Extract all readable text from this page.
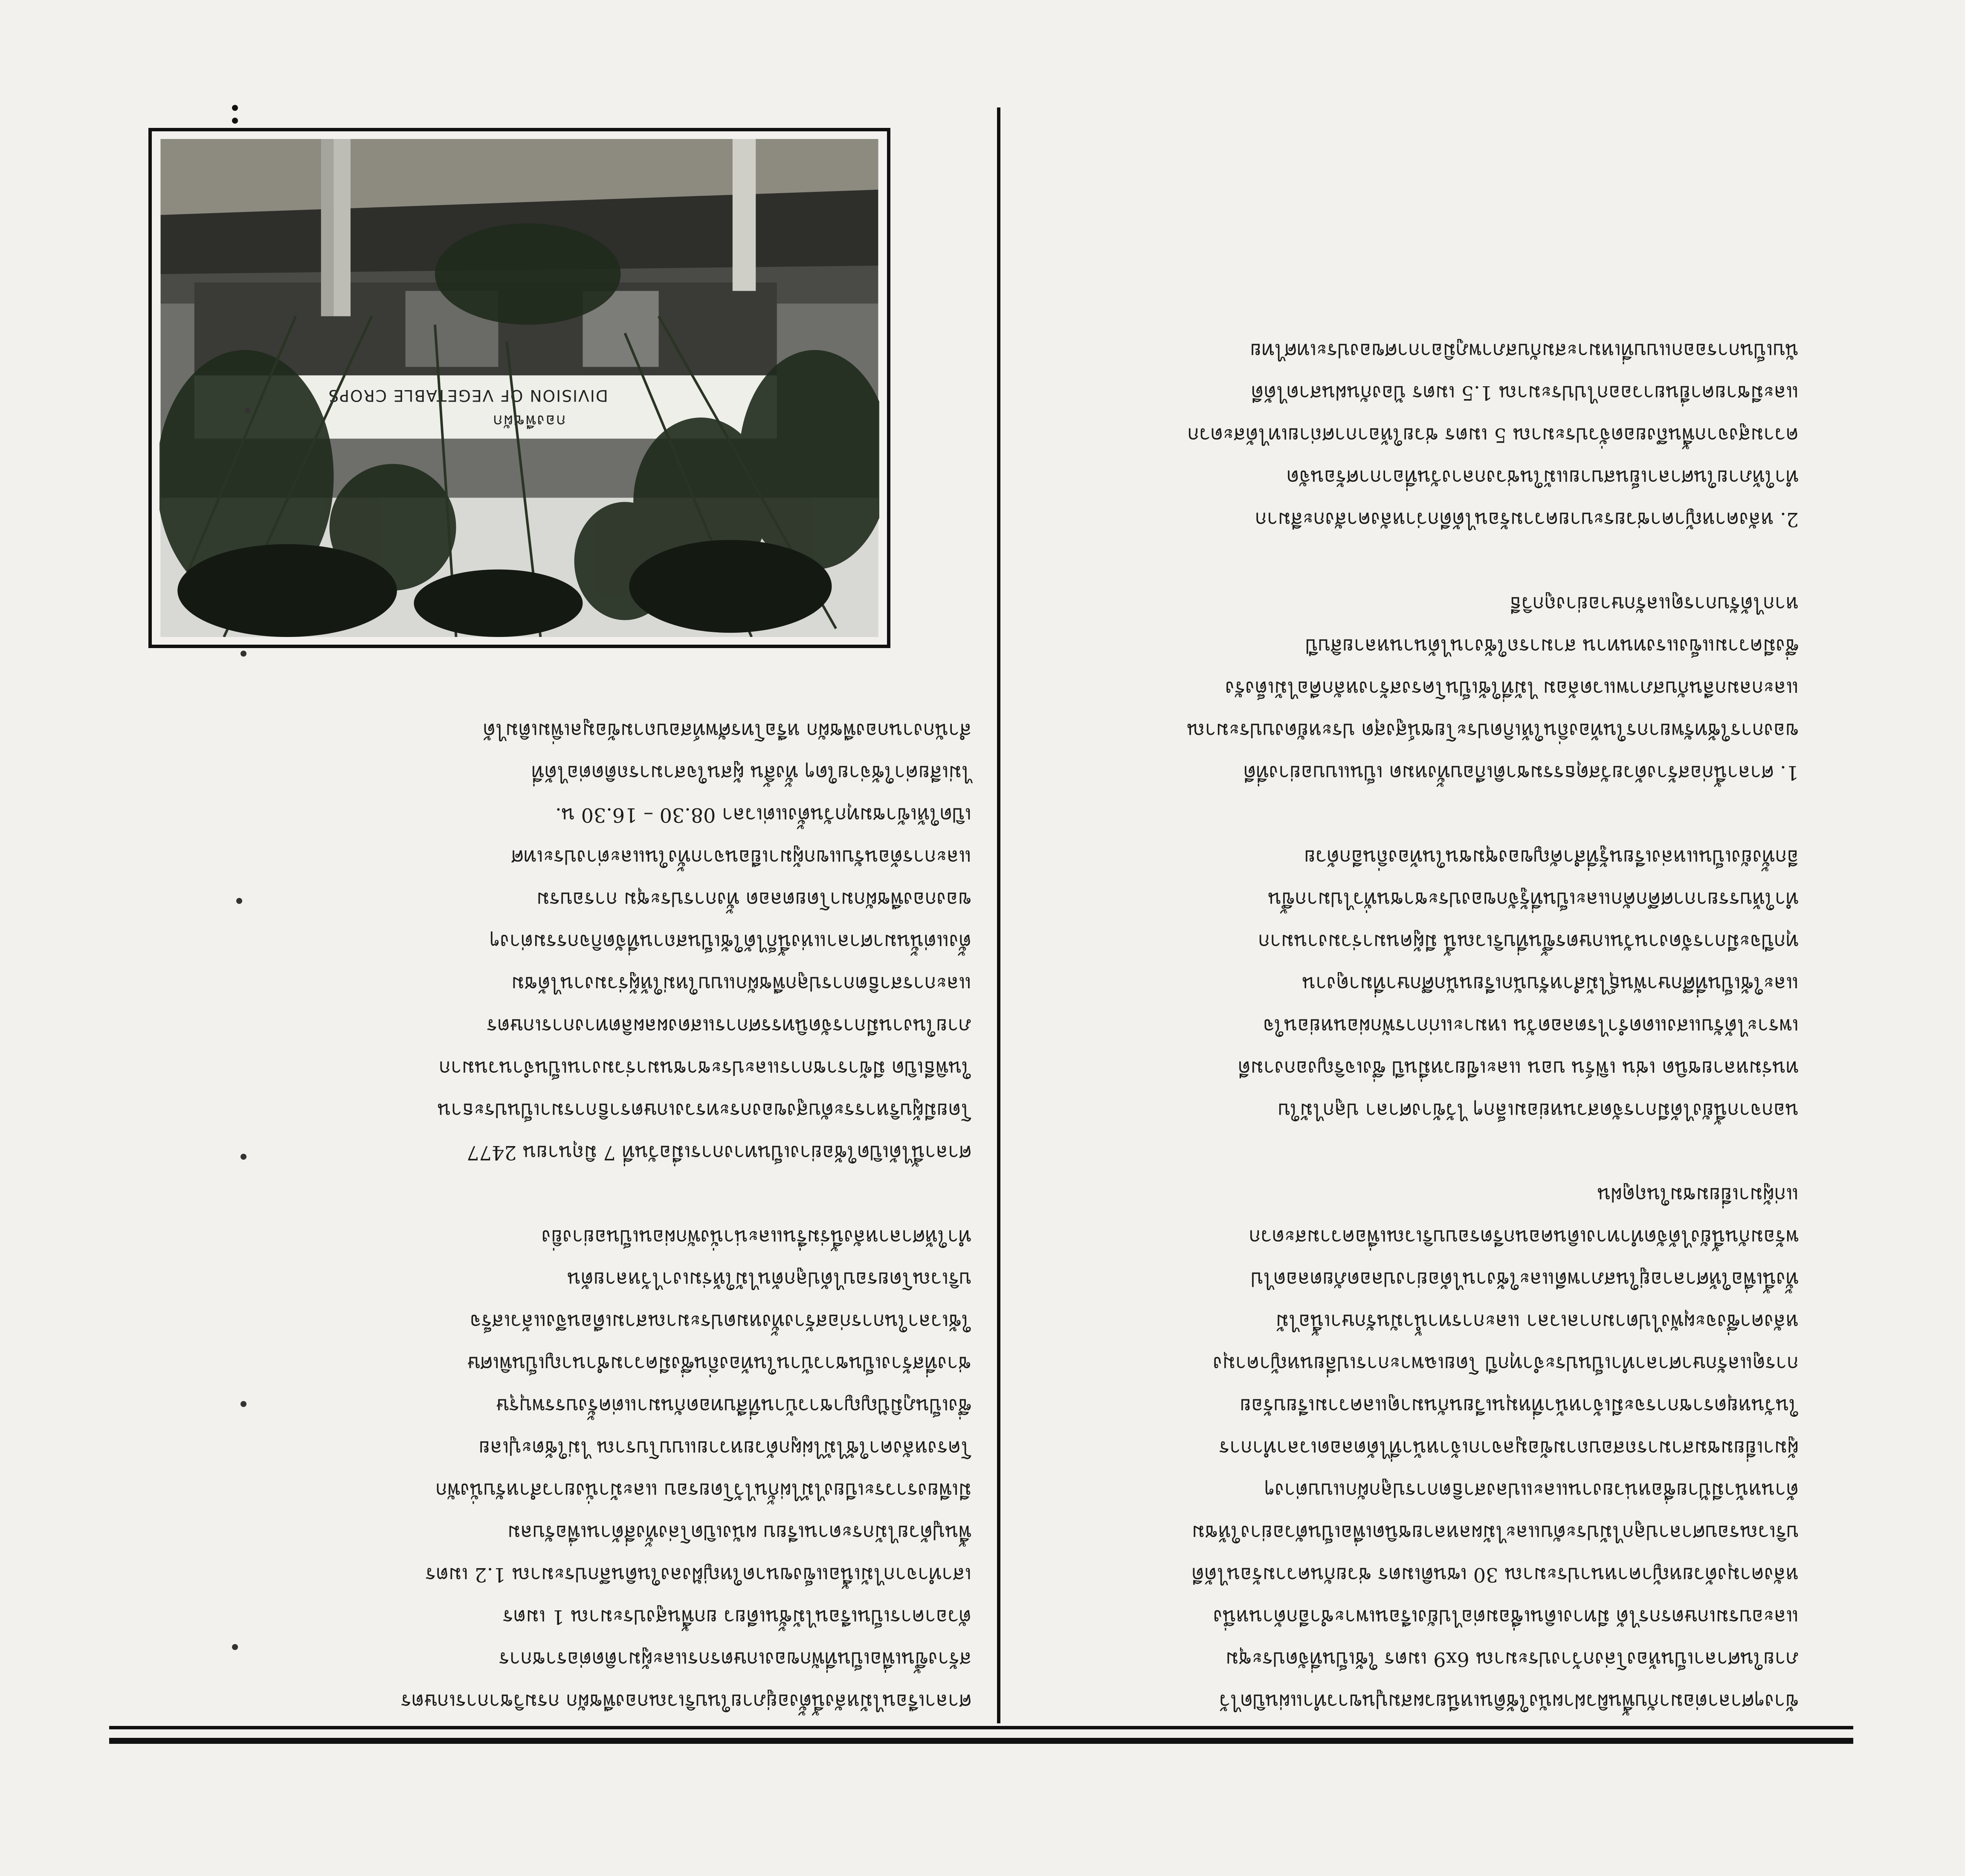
ข้างๆศาลาต่อมากับพื้นผิวฝาผนังใช้ดินเหนียวผสมปูนขาวทำแผ่นปิดไว้

ภายในศาลาเป็นห้องโล่งกว้างประมาณ 6x9 เมตร ใช้เป็นที่จัดประชุม

และอบรมเกษตรกรได้ มีทางเดินเชื่อมต่อไปยังเรือนเพาะชำอีกด้านหนึ่ง

หลังคามุงด้วยหญ้าคาหนาประมาณ 30 เซนติเมตร ช่วยกันความร้อนได้ดี

บริเวณรอบศาลาปลูกไม้ประดับและไม้ผลหลายชนิดเพื่อเป็นตัวอย่างให้ชม

ด้านหน้ามีป้ายชื่อหน่วยงานและแปลงสาธิตการปลูกผักแบบต่างๆ

ผู้มาเยี่ยมชมสามารถสอบถามข้อมูลจากเจ้าหน้าที่ได้ตลอดเวลาทำการ

ในวันหยุดราชการจะมีเจ้าหน้าที่หมุนเวียนกันมาดูแลความเรียบร้อย

การดูแลรักษาศาลาทำเป็นประจำทุกปี โดยเฉพาะการเปลี่ยนหญ้าคามุง

หลังคาซึ่งจะผุพังไปตามกาลเวลา และการทาน้ำมันรักษาเนื้อไม้

ทั้งนี้เพื่อให้ศาลาอยู่ในสภาพดีและใช้งานได้อย่างปลอดภัยตลอดไป

พร้อมกันนี้ยังได้จัดทำทางเดินคอนกรีตรอบบริเวณเพื่อความสะดวก

แก่ผู้มาเยี่ยมชมในฤดูฝน

นอกจากนี้ยังได้มีการจัดสวนหย่อมเล็กๆ ไว้ข้างศาลา ปลูกไม้ใบ

ทนร่มหลายชนิด เช่น เฟิร์น บอน และเขียวหมื่นปี ซึ่งเจริญงอกงามดี

เพราะได้รับแสงแดดรำไรตลอดวัน เหมาะแก่การพักผ่อนหย่อนใจ

และใช้เป็นที่ศึกษาพันธุ์ไม้สำหรับนักเรียนนักศึกษาที่มาดูงาน

ทุกปีจะมีการจัดงานวันเกษตรขึ้นที่บริเวณนี้ มีผู้คนมาร่วมงานมาก

ทำให้บรรยากาศคึกคักและเป็นที่รู้จักของประชาชนทั่วไปมากขึ้น

อีกทั้งยังเป็นแหล่งเรียนรู้ที่สำคัญของชุมชนในท้องถิ่นอีกด้วย

1. ศาลานี้ก่อสร้างด้วยวัสดุธรรมชาติเกือบทั้งหมด เป็นแบบอย่างที่ดี

ของการใช้ทรัพยากรในท้องถิ่นให้เกิดประโยชน์สูงสุด ประหยัดงบประมาณ

และกลมกลืนกับสภาพแวดล้อม ไม้ที่ใช้เป็นโครงสร้างหลักคือไม้เต็งรัง

ซึ่งมีความแข็งแรงทนทาน สามารถใช้งานได้นานหลายสิบปี

หากได้รับการดูแลรักษาอย่างถูกวิธี

2. หลังคาหญ้าคาช่วยระบายความร้อนได้ดีกว่าหลังคาสังกะสีมาก

ทำให้ภายในศาลาเย็นสบายแม้ในช่วงกลางวันที่อากาศร้อนจัด

ความสูงจากพื้นถึงยอดจั่วประมาณ 5 เมตร ช่วยให้อากาศถ่ายเทได้สะดวก

และมีชายคายื่นยาวออกไปประมาณ 1.5 เมตร ป้องกันฝนสาดได้ดี

นับเป็นการออกแบบที่เหมาะสมกับสภาพภูมิอากาศของประเทศไทย

ศาลาเรือนไม้หลังนี้ตั้งอยู่ภายในบริเวณกองพืชผัก กรมวิชาการเกษตร

สร้างขึ้นเพื่อเป็นที่พักของเกษตรกรและผู้มาติดต่อราชการ

ตัวอาคารเป็นเรือนไม้ชั้นเดียว ยกพื้นสูงประมาณ 1 เมตร

เสาทำจากไม้เนื้อแข็งขนาดใหญ่ฝังลงในดินลึกประมาณ 1.2 เมตร

พื้นปูด้วยไม้กระดานเรียบ ผนังเปิดโล่งทั้งสี่ด้านเพื่อรับลม

มีเพียงราวระเบียงไม้ไผ่กั้นไว้โดยรอบ และม้านั่งยาวสำหรับนั่งพัก

โครงหลังคาใช้ไม้ไผ่ผูกด้วยหวายแบบโบราณ ไม่ใช้ตะปูเลย

ซึ่งเป็นภูมิปัญญาชาวบ้านที่สืบทอดกันมาแต่ครั้งบรรพบุรุษ

ช่างที่สร้างเป็นชาวบ้านในท้องถิ่นซึ่งมีความชำนาญเป็นพิเศษ

ใช้เวลาในการก่อสร้างทั้งหมดประมาณสามเดือนจึงแล้วเสร็จ

บริเวณโดยรอบได้ปลูกต้นไม้ให้ร่มเงาไว้หลายต้น

ทำให้ศาลาหลังนี้ร่มรื่นและน่านั่งพักผ่อนเป็นอย่างยิ่ง

ศาลานี้ได้เปิดใช้อย่างเป็นทางการเมื่อวันที่ 7 มิถุนายน 2477

โดยมีผู้บริหารระดับสูงของกระทรวงเกษตราธิการมาเป็นประธาน

ในพิธีเปิด มีข้าราชการและประชาชนมาร่วมงานเป็นจำนวนมาก

ภายในงานมีการจัดนิทรรศการแสดงผลผลิตทางการเกษตร

และการสาธิตการปลูกพืชผักแบบใหม่ให้ผู้ร่วมงานได้ชม

ตั้งแต่นั้นมาศาลาแห่งนี้ก็ได้ใช้เป็นสถานที่จัดกิจกรรมต่างๆ

ของกองพืชผักมาโดยตลอด ทั้งการประชุม การอบรม

และการต้อนรับแขกผู้มาเยือนจากทั้งในและต่างประเทศ

เปิดให้เข้าชมทุกวันตั้งแต่เวลา 08.30 – 16.30 น.

ไม่เสียค่าใช้จ่ายใดๆ ทั้งสิ้น ผู้สนใจสามารถติดต่อได้ที่

สำนักงานกองพืชผัก หรือโทรศัพท์สอบถามข้อมูลเพิ่มเติมได้

กองพืชผัก
DIVISION OF VEGETABLE CROPS
